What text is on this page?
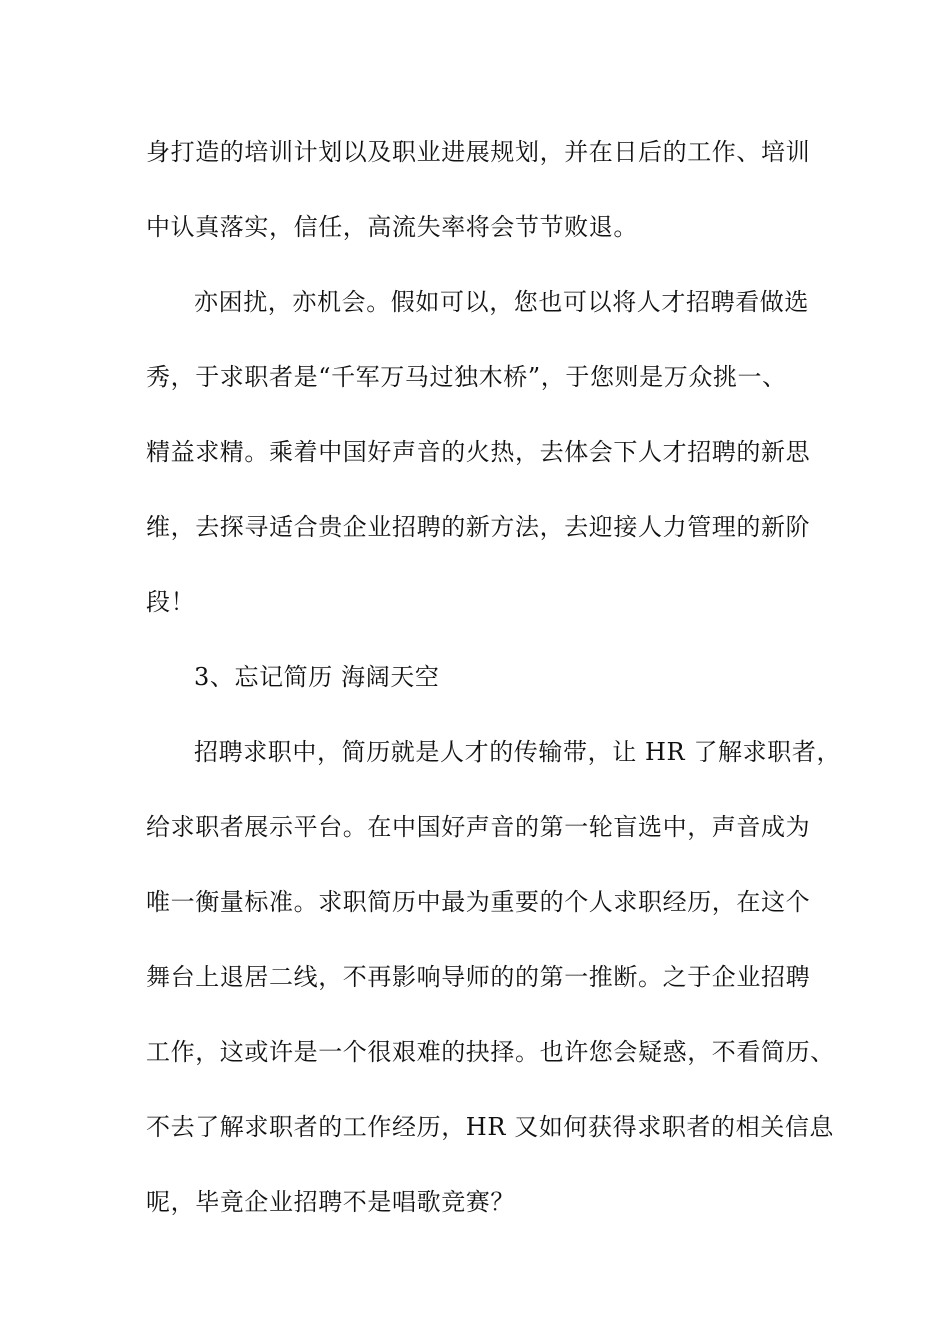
身打造的培训计划以及职业进展规划，并在日后的工作、培训
中认真落实，信任，高流失率将会节节败退。
亦困扰，亦机会。假如可以，您也可以将人才招聘看做选
秀，于求职者是“千军万马过独木桥”，于您则是万众挑一、
精益求精。乘着中国好声音的火热，去体会下人才招聘的新思
维，去探寻适合贵企业招聘的新方法，去迎接人力管理的新阶
段！
3、忘记简历 海阔天空
招聘求职中，简历就是人才的传输带，让 HR 了解求职者，
给求职者展示平台。在中国好声音的第一轮盲选中，声音成为
唯一衡量标准。求职简历中最为重要的个人求职经历，在这个
舞台上退居二线，不再影响导师的的第一推断。之于企业招聘
工作，这或许是一个很艰难的抉择。也许您会疑惑，不看简历、
不去了解求职者的工作经历，HR 又如何获得求职者的相关信息
呢，毕竟企业招聘不是唱歌竞赛？
